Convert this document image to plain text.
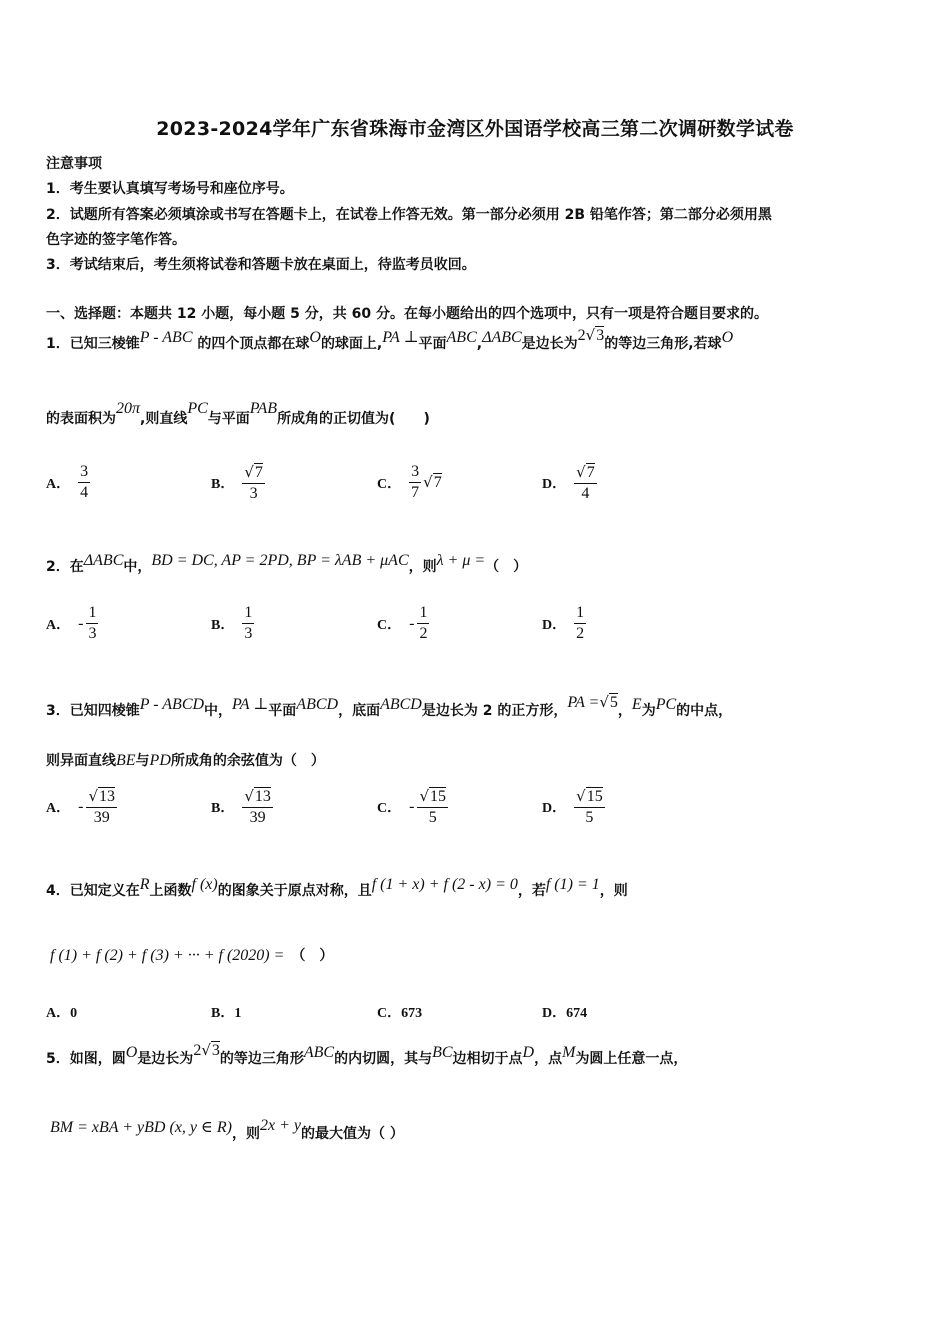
2023-2024学年广东省珠海市金湾区外国语学校高三第二次调研数学试卷
注意事项
1．考生要认真填写考场号和座位序号。
2．试题所有答案必须填涂或书写在答题卡上，在试卷上作答无效。第一部分必须用 2B 铅笔作答；第二部分必须用黑
色字迹的签字笔作答。
3．考试结束后，考生须将试卷和答题卡放在桌面上，待监考员收回。
一、选择题：本题共 12 小题，每小题 5 分，共 60 分。在每小题给出的四个选项中，只有一项是符合题目要求的。
1．已知三棱锥P - ABC 的四个顶点都在球O的球面上,PA ⊥平面ABC,ΔABC是边长为2√3的等边三角形,若球O
的表面积为20π,则直线PC与平面PAB所成角的正切值为(　　)
A． $\frac{3}{4}$	B． $\frac{√7}{3}$	C． $\frac{3}{7} √7$	D． $\frac{√7}{4}$
2．在ΔABC中，BD = DC, AP = 2PD, BP = λAB + μAC，则λ + μ =（　）
A． - $\frac{1}{3}$	B． $\frac{1}{3}$	C． - $\frac{1}{2}$	D． $\frac{1}{2}$
3．已知四棱锥P - ABCD中，PA ⊥平面ABCD，底面ABCD是边长为 2 的正方形，PA =√5，E为PC的中点，
则异面直线BE与PD所成角的余弦值为（　）
A． - $\frac{√13}{39}$	B． $\frac{√13}{39}$	C． - $\frac{√15}{5}$	D． $\frac{√15}{5}$
4．已知定义在R上函数f (x)的图象关于原点对称，且f (1 + x) + f (2 - x) = 0，若f (1) = 1，则
f (1) + f (2) + f (3) + ··· + f (2020) =　 （　）
A．0	B．1	C．673	D．674
5．如图，圆O是边长为2√3的等边三角形ABC的内切圆，其与BC边相切于点D，点M为圆上任意一点，
BM = xBA + yBD (x, y ∈ R)，则2x + y的最大值为（ ）
